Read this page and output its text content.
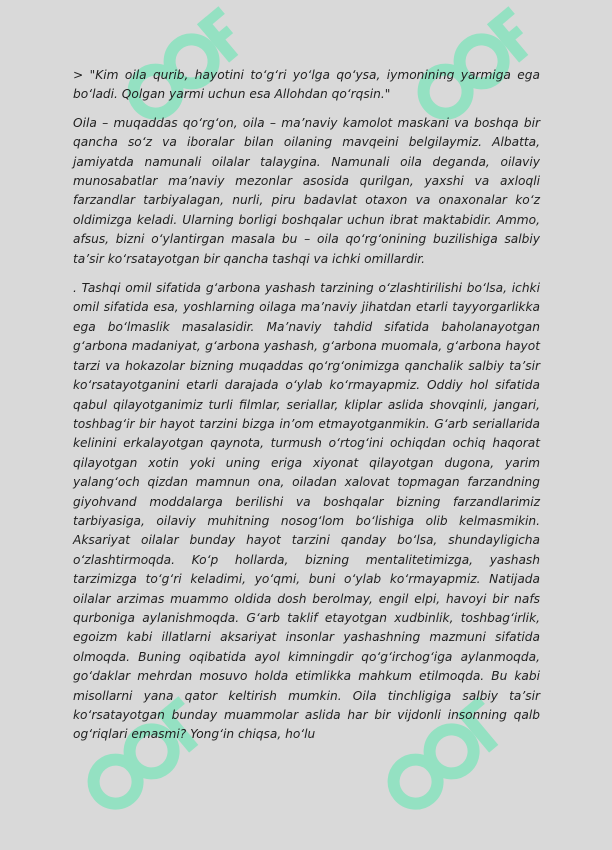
> "Kim oila qurib, hayotini to‘g‘ri yo‘lga qo‘ysa, iymonining yarmiga ega bo‘ladi. Qolgan yarmi uchun esa Allohdan qo‘rqsin."

Oila – muqaddas qo‘rg‘on, oila – ma’naviy kamolot maskani va boshqa bir qancha so‘z va iboralar bilan oilaning mavqeini belgilaymiz. Albatta, jamiyatda namunali oilalar talaygina. Namunali oila deganda, oilaviy munosabatlar ma’naviy mezonlar asosida qurilgan, yaxshi va axloqli farzandlar tarbiyalagan, nurli, piru badavlat otaxon va onaxonalar ko‘z oldimizga keladi. Ularning borligi boshqalar uchun ibrat maktabidir. Ammo, afsus, bizni o‘ylantirgan masala bu – oila qo‘rg‘onining buzilishiga salbiy ta’sir ko‘rsatayotgan bir qancha tashqi va ichki omillardir.

. Tashqi omil sifatida g‘arbona yashash tarzining o‘zlashtirilishi bo‘lsa, ichki omil sifatida esa, yoshlarning oilaga ma’naviy jihatdan etarli tayyorgarlikka ega bo‘lmaslik masalasidir. Ma’naviy tahdid sifatida baholanayotgan g‘arbona madaniyat, g‘arbona yashash, g‘arbona muomala, g‘arbona hayot tarzi va hokazolar bizning muqaddas qo‘rg‘onimizga qanchalik salbiy ta’sir ko‘rsatayotganini etarli darajada o‘ylab ko‘rmayapmiz. Oddiy hol sifatida qabul qilayotganimiz turli filmlar, seriallar, kliplar aslida shovqinli, jangari, toshbag‘ir bir hayot tarzini bizga in’om etmayotganmikin. G‘arb seriallarida kelinini erkalayotgan qaynota, turmush o‘rtog‘ini ochiqdan ochiq haqorat qilayotgan xotin yoki uning eriga xiyonat qilayotgan dugona, yarim yalang‘och qizdan mamnun ona, oiladan xalovat topmagan farzandning giyohvand moddalarga berilishi va boshqalar bizning farzandlarimiz tarbiyasiga, oilaviy muhitning nosog‘lom bo‘lishiga olib kelmasmikin. Aksariyat oilalar bunday hayot tarzini qanday bo‘lsa, shundayligicha o‘zlashtirmoqda. Ko‘p hollarda, bizning mentalitetimizga, yashash tarzimizga to‘g‘ri keladimi, yo‘qmi, buni o‘ylab ko‘rmayapmiz. Natijada oilalar arzimas muammo oldida dosh berolmay, engil elpi, havoyi bir nafs qurboniga aylanishmoqda. G‘arb taklif etayotgan xudbinlik, toshbag‘irlik, egoizm kabi illatlarni aksariyat insonlar yashashning mazmuni sifatida olmoqda. Buning oqibatida ayol kimningdir qo‘g‘irchog‘iga aylanmoqda, go‘daklar mehrdan mosuvo holda etimlikka mahkum etilmoqda. Bu kabi misollarni yana qator keltirish mumkin. Oila tinchligiga salbiy ta’sir ko‘rsatayotgan bunday muammolar aslida har bir vijdonli insonning qalb og‘riqlari emasmi? Yong‘in chiqsa, ho‘lu
